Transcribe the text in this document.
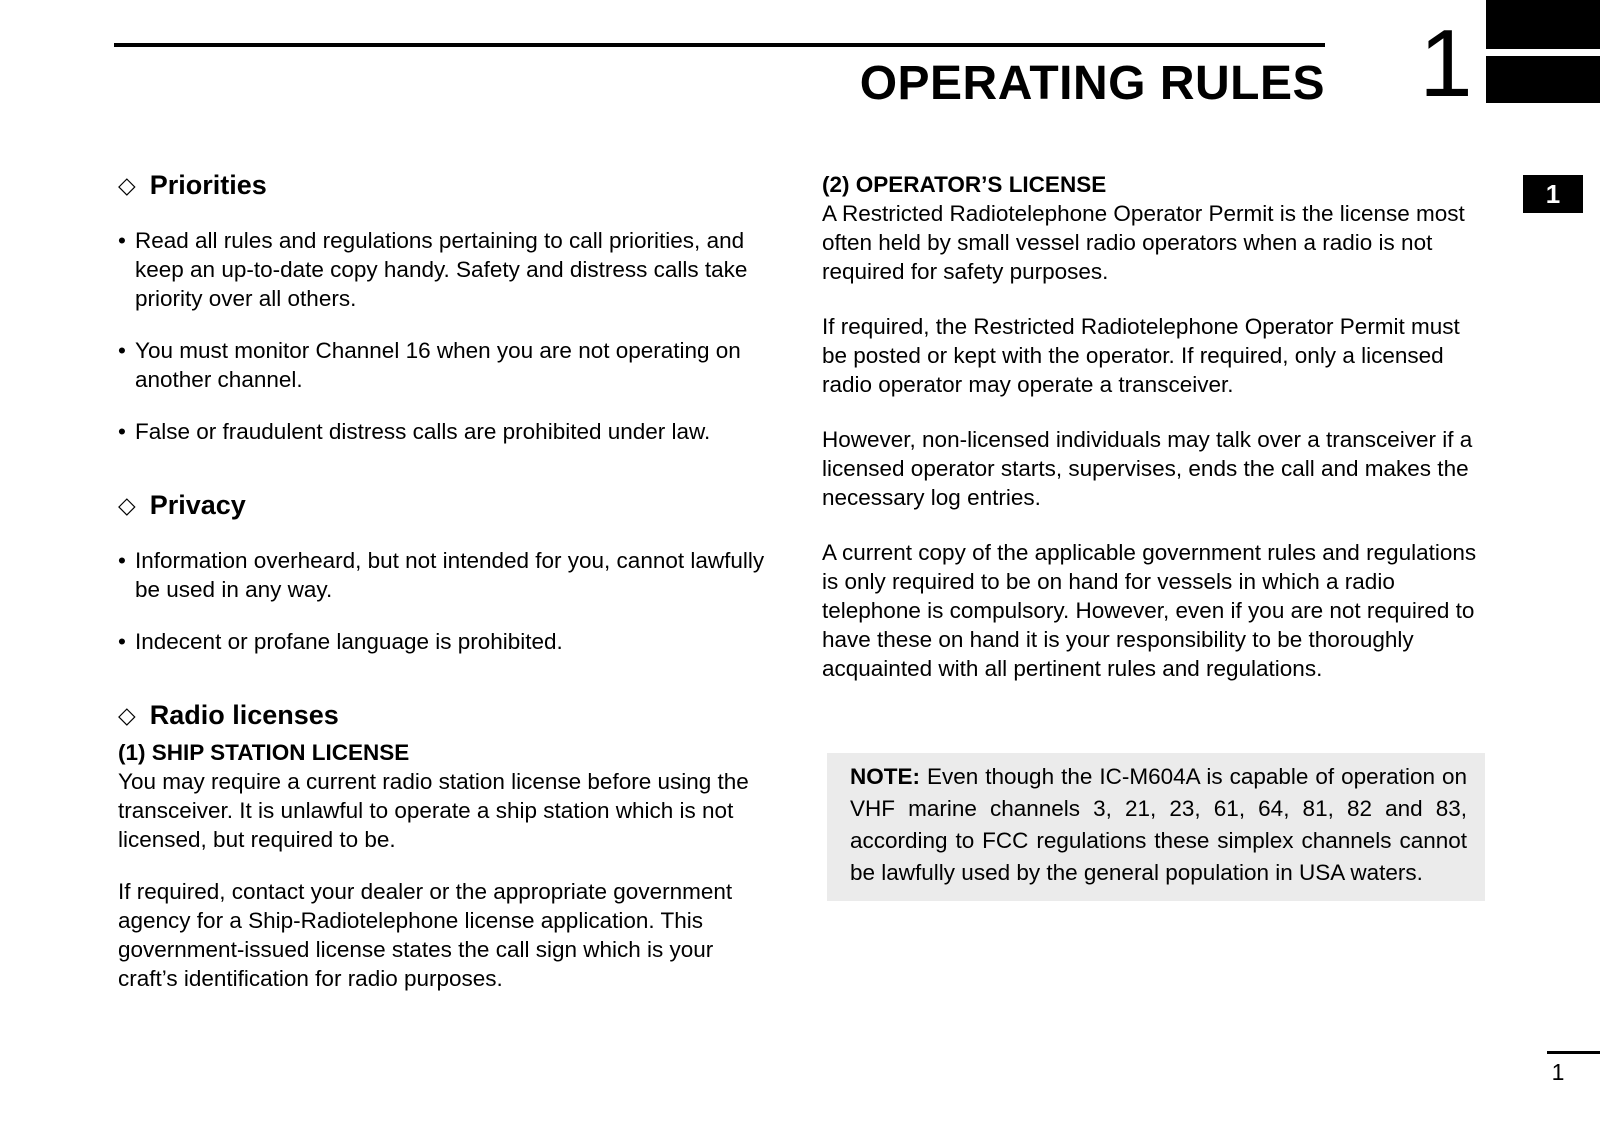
OPERATING RULES 1
1
◇ Priorities
• Read all rules and regulations pertaining to call priorities, and keep an up-to-date copy handy. Safety and distress calls take priority over all others.
• You must monitor Channel 16 when you are not operating on another channel.
• False or fraudulent distress calls are prohibited under law.
◇ Privacy
• Information overheard, but not intended for you, cannot lawfully be used in any way.
• Indecent or profane language is prohibited.
◇ Radio licenses
(1) SHIP STATION LICENSE

You may require a current radio station license before using the transceiver. It is unlawful to operate a ship station which is not licensed, but required to be.

If required, contact your dealer or the appropriate government agency for a Ship-Radiotelephone license application. This government-issued license states the call sign which is your craft’s identification for radio purposes.

(2) OPERATOR’S LICENSE

A Restricted Radiotelephone Operator Permit is the license most often held by small vessel radio operators when a radio is not required for safety purposes.

If required, the Restricted Radiotelephone Operator Permit must be posted or kept with the operator. If required, only a licensed radio operator may operate a transceiver.

However, non-licensed individuals may talk over a transceiver if a licensed operator starts, supervises, ends the call and makes the necessary log entries.

A current copy of the applicable government rules and regulations is only required to be on hand for vessels in which a radio telephone is compulsory. However, even if you are not required to have these on hand it is your responsibility to be thoroughly acquainted with all pertinent rules and regulations.

NOTE: Even though the IC-M604A is capable of operation on VHF marine channels 3, 21, 23, 61, 64, 81, 82 and 83, according to FCC regulations these simplex channels cannot be lawfully used by the general population in USA waters.
1
